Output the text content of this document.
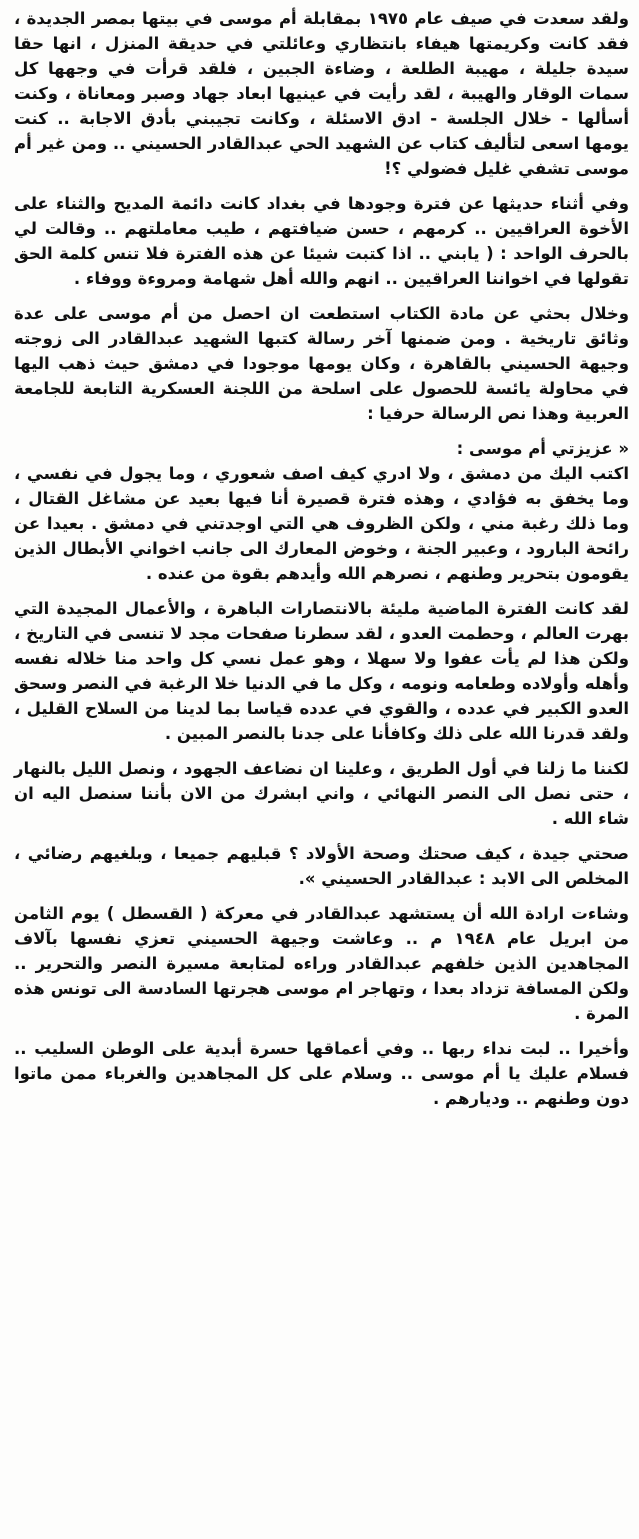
ولقد سعدت في صيف عام ١٩٧٥ بمقابلة أم موسى في بيتها بمصر الجديدة ، فقد كانت وكريمتها هيفاء بانتظاري وعائلتي في حديقة المنزل ، انها حقا سيدة جليلة ، مهيبة الطلعة ، وضاءة الجبين ، فلقد قرأت في وجهها كل سمات الوقار والهيبة ، لقد رأيت في عينيها ابعاد جهاد وصبر ومعاناة ، وكنت أسألها - خلال الجلسة - ادق الاسئلة ، وكانت تجيبني بأدق الاجابة .. كنت يومها اسعى لتأليف كتاب عن الشهيد الحي عبدالقادر الحسيني .. ومن غير أم موسى تشفي غليل فضولي ؟!

وفي أثناء حديثها عن فترة وجودها في بغداد كانت دائمة المديح والثناء على الأخوة العراقيين .. كرمهم ، حسن ضيافتهم ، طيب معاملتهم .. وقالت لي بالحرف الواحد : ( يابني .. اذا كتبت شيئا عن هذه الفترة فلا تنس كلمة الحق تقولها في اخواننا العراقيين .. انهم والله أهل شهامة ومروءة ووفاء .

وخلال بحثي عن مادة الكتاب استطعت ان احصل من أم موسى على عدة وثائق تاريخية . ومن ضمنها آخر رسالة كتبها الشهيد عبدالقادر الى زوجته وجيهة الحسيني بالقاهرة ، وكان يومها موجودا في دمشق حيث ذهب اليها في محاولة يائسة للحصول على اسلحة من اللجنة العسكرية التابعة للجامعة العربية وهذا نص الرسالة حرفيا :

« عزيزتي أم موسى :

اكتب اليك من دمشق ، ولا ادري كيف اصف شعوري ، وما يجول في نفسي ، وما يخفق به فؤادي ، وهذه فترة قصيرة أنا فيها بعيد عن مشاغل القتال ، وما ذلك رغبة مني ، ولكن الظروف هي التي اوجدتني في دمشق . بعيدا عن رائحة البارود ، وعبير الجنة ، وخوض المعارك الى جانب اخواني الأبطال الذين يقومون بتحرير وطنهم ، نصرهم الله وأيدهم بقوة من عنده .

لقد كانت الفترة الماضية مليئة بالانتصارات الباهرة ، والأعمال المجيدة التي بهرت العالم ، وحطمت العدو ، لقد سطرنا صفحات مجد لا تنسى في التاريخ ، ولكن هذا لم يأت عفوا ولا سهلا ، وهو عمل نسي كل واحد منا خلاله نفسه وأهله وأولاده وطعامه ونومه ، وكل ما في الدنيا خلا الرغبة في النصر وسحق العدو الكبير في عدده ، والقوي في عدده قياسا بما لدينا من السلاح القليل ، ولقد قدرنا الله على ذلك وكافأنا على جدنا بالنصر المبين .

لكننا ما زلنا في أول الطريق ، وعلينا ان نضاعف الجهود ، ونصل الليل بالنهار ، حتى نصل الى النصر النهائي ، واني ابشرك من الان بأننا سنصل اليه ان شاء الله .

صحتي جيدة ، كيف صحتك وصحة الأولاد ؟ قبليهم جميعا ، وبلغيهم رضائي ، المخلص الى الابد : عبدالقادر الحسيني ».

وشاءت ارادة الله أن يستشهد عبدالقادر في معركة ( القسطل ) يوم الثامن من ابريل عام ١٩٤٨ م .. وعاشت وجيهة الحسيني تعزي نفسها بآلاف المجاهدين الذين خلفهم عبدالقادر وراءه لمتابعة مسيرة النصر والتحرير .. ولكن المسافة تزداد بعدا ، وتهاجر ام موسى هجرتها السادسة الى تونس هذه المرة .

وأخيرا .. لبت نداء ربها .. وفي أعماقها حسرة أبدية على الوطن السليب .. فسلام عليك يا أم موسى .. وسلام على كل المجاهدين والغرباء ممن ماتوا دون وطنهم .. وديارهم .
